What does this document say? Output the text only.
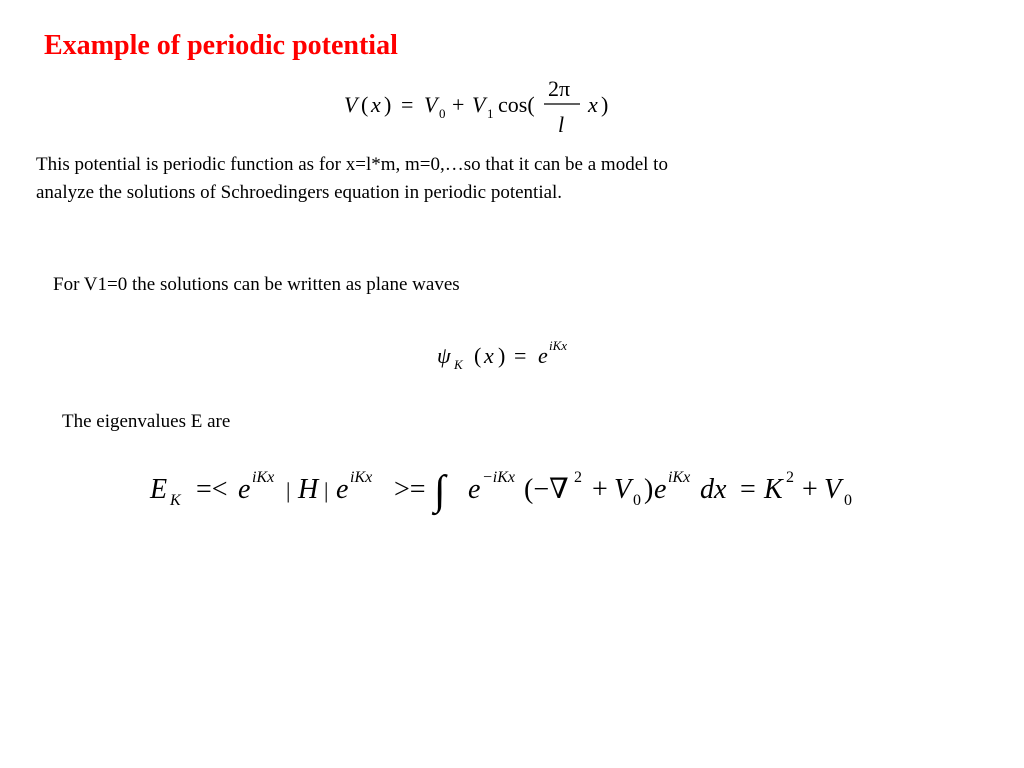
Example of periodic potential
V ( x ) = V 0 + V 1 cos(
2π
l
x )
This potential is periodic function as for x=l*m, m=0,…so that it can be a model to
analyze the solutions of Schroedingers equation in periodic potential.
For V1=0 the solutions can be written as plane waves
ψ K ( x ) = e iKx
The eigenvalues E are
E K =< e iKx
| H | e iKx >= ∫ e −iKx (−∇ 2 + V 0 ) e iKx dx = K 2 + V 0
